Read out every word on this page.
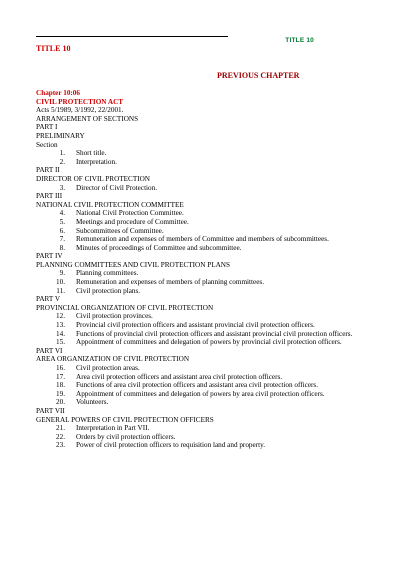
TITLE 10
TITLE 10
PREVIOUS CHAPTER
Chapter 10:06
CIVIL PROTECTION ACT
Acts 5/1989, 3/1992, 22/2001.
ARRANGEMENT OF SECTIONS
PART I
PRELIMINARY
Section
1.	Short title.
2.	Interpretation.
PART II
DIRECTOR OF CIVIL PROTECTION
3.	Director of Civil Protection.
PART III
NATIONAL CIVIL PROTECTION COMMITTEE
4.	National Civil Protection Committee.
5.	Meetings and procedure of Committee.
6.	Subcommittees of Committee.
7. Remuneration and expenses of members of Committee and members of subcommittees.
8.	Minutes of proceedings of Committee and subcommittee.
PART IV
PLANNING COMMITTEES AND CIVIL PROTECTION PLANS
9.	Planning committees.
10.	Remuneration and expenses of members of planning committees.
11.	Civil protection plans.
PART V
PROVINCIAL ORGANIZATION OF CIVIL PROTECTION
12.	Civil protection provinces.
13. Provincial civil protection officers and assistant provincial civil protection officers.
14. Functions of provincial civil protection officers and assistant provincial civil protection officers.
15. Appointment of committees and delegation of powers by provincial civil protection officers.
PART VI
AREA ORGANIZATION OF CIVIL PROTECTION
16.	Civil protection areas.
17. Area civil protection officers and assistant area civil protection officers.
18. Functions of area civil protection officers and assistant area civil protection officers.
19. Appointment of committees and delegation of powers by area civil protection officers.
20.	Volunteers.
PART VII
GENERAL POWERS OF CIVIL PROTECTION OFFICERS
21.	Interpretation in Part VII.
22.	Orders by civil protection officers.
23.	Power of civil protection officers to requisition land and property.
